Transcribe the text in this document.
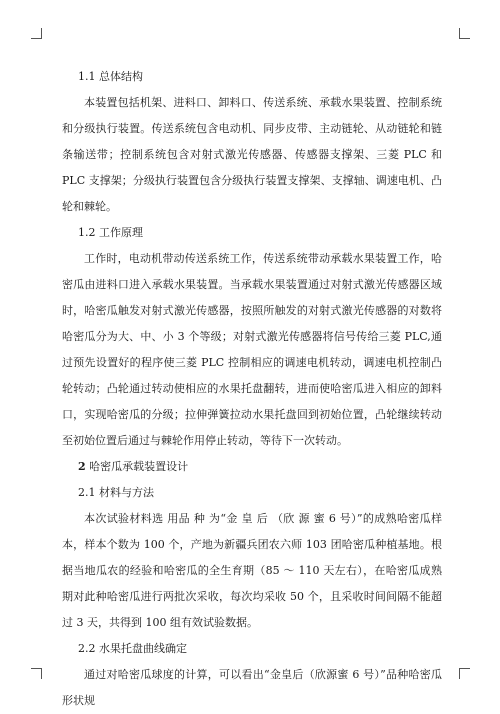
1.1 总体结构

本装置包括机架、进料口、卸料口、传送系统、承载水果装置、控制系统和分级执行装置。传送系统包含电动机、同步皮带、主动链轮、从动链轮和链条输送带；控制系统包含对射式激光传感器、传感器支撑架、三菱 PLC 和 PLC 支撑架；分级执行装置包含分级执行装置支撑架、支撑轴、调速电机、凸轮和棘轮。

1.2 工作原理

工作时，电动机带动传送系统工作，传送系统带动承载水果装置工作，哈密瓜由进料口进入承载水果装置。当承载水果装置通过对射式激光传感器区域时，哈密瓜触发对射式激光传感器，按照所触发的对射式激光传感器的对数将哈密瓜分为大、中、小 3 个等级；对射式激光传感器将信号传给三菱 PLC,通过预先设置好的程序使三菱 PLC 控制相应的调速电机转动，调速电机控制凸轮转动；凸轮通过转动使相应的水果托盘翻转，进而使哈密瓜进入相应的卸料口，实现哈密瓜的分级；拉伸弹簧拉动水果托盘回到初始位置，凸轮继续转动至初始位置后通过与棘轮作用停止转动，等待下一次转动。

2 哈密瓜承载装置设计

2.1 材料与方法

本次试验材料选 用品 种 为“金 皇 后 （欣 源 蜜 6 号）”的成熟哈密瓜样本，样本个数为 100 个，产地为新疆兵团农六师 103 团哈密瓜种植基地。根据当地瓜农的经验和哈密瓜的全生育期（85 ～ 110 天左右），在哈密瓜成熟期对此种哈密瓜进行两批次采收，每次均采收 50 个，且采收时间间隔不能超过 3 天，共得到 100 组有效试验数据。

2.2 水果托盘曲线确定

通过对哈密瓜球度的计算，可以看出“金皇后（欣源蜜 6 号）”品种哈密瓜形状规
